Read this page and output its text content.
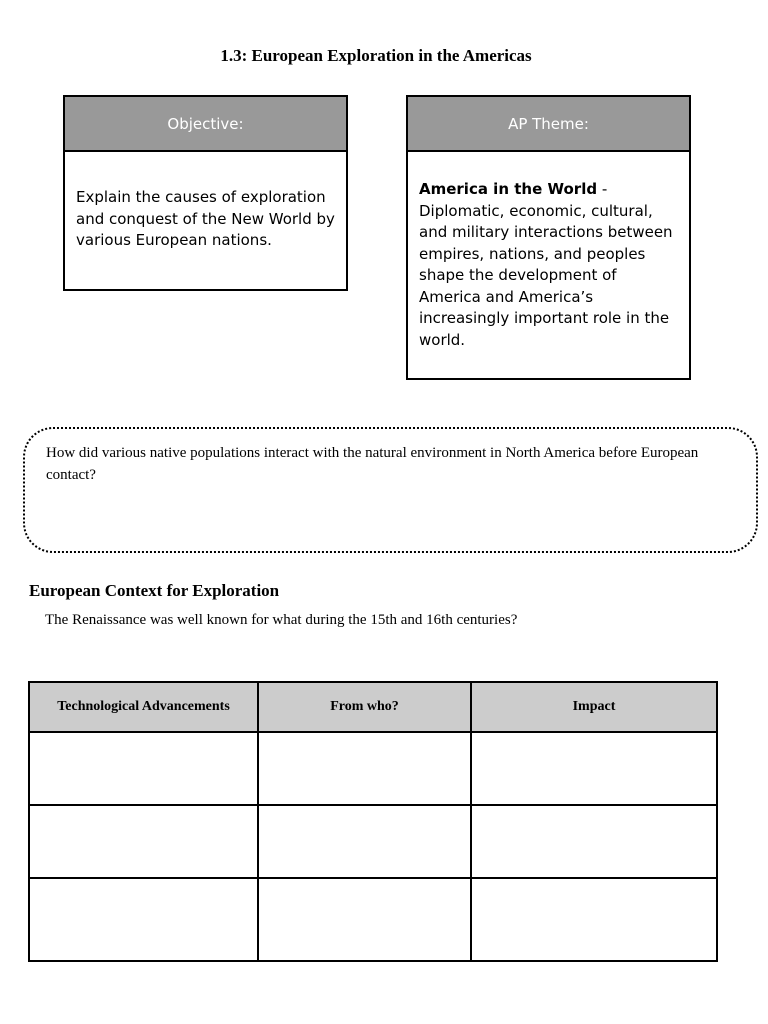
1.3: European Exploration in the Americas
Objective:
Explain the causes of exploration and conquest of the New World by various European nations.
AP Theme:
America in the World - Diplomatic, economic, cultural, and military interactions between empires, nations, and peoples shape the development of America and America’s increasingly important role in the world.
How did various native populations interact with the natural environment in North America before European contact?
European Context for Exploration
The Renaissance was well known for what during the 15th and 16th centuries?
Technological Advancements	From who?	Impact
